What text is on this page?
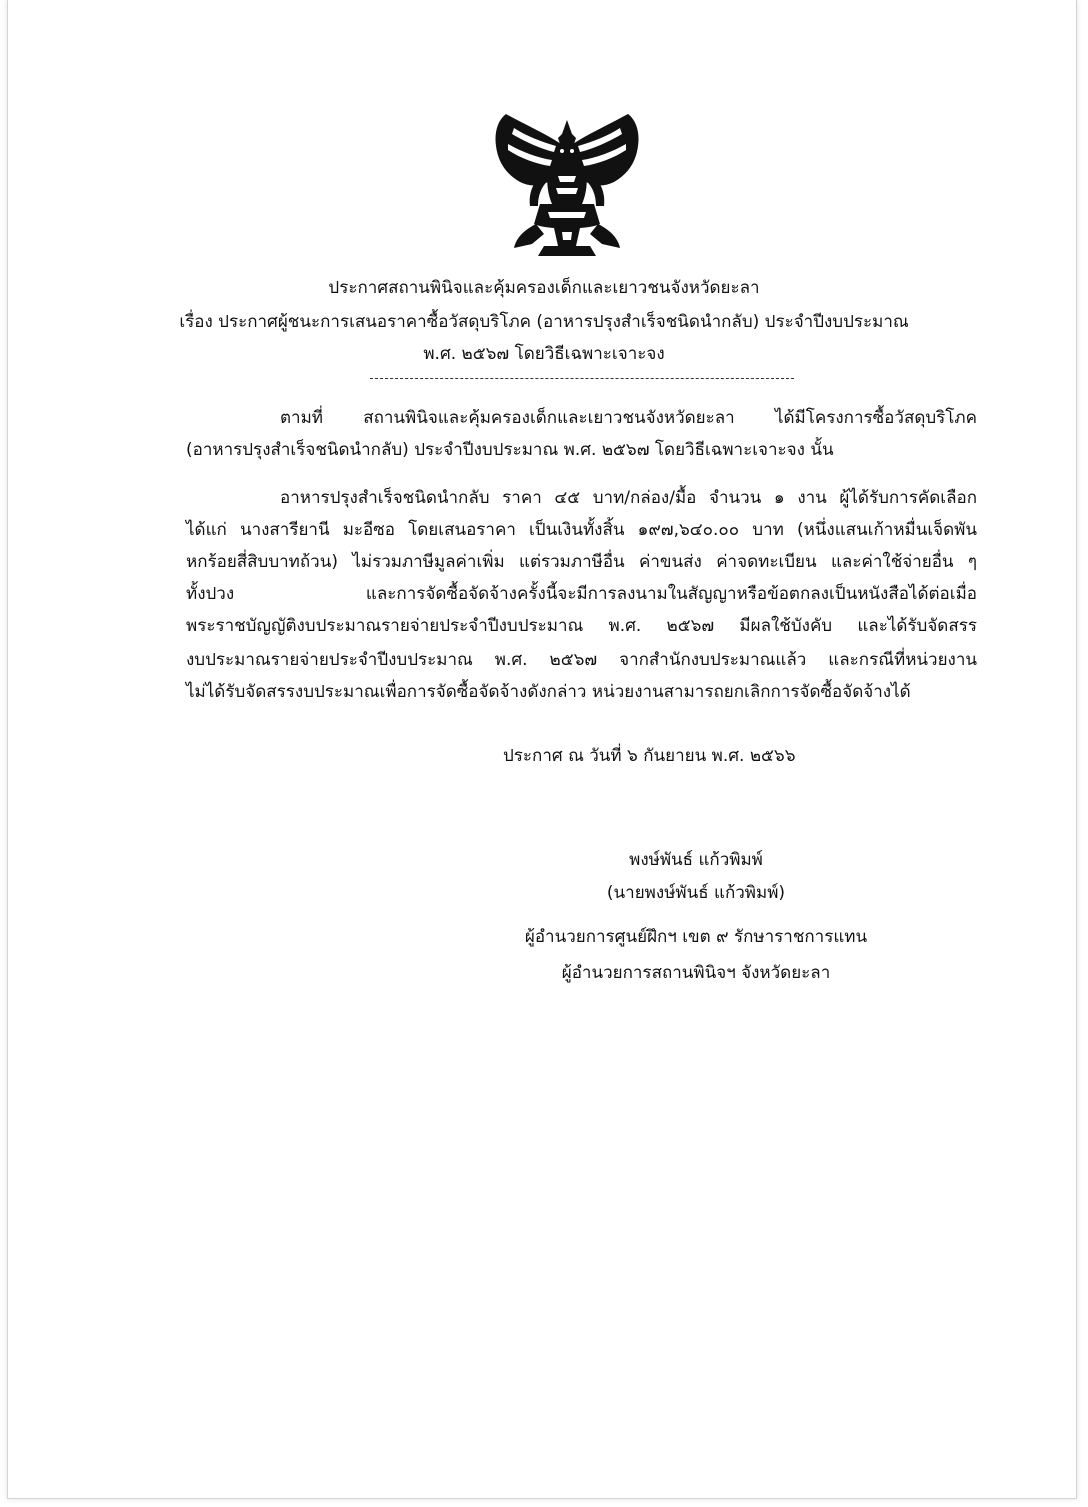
ประกาศสถานพินิจและคุ้มครองเด็กและเยาวชนจังหวัดยะลา
เรื่อง ประกาศผู้ชนะการเสนอราคาซื้อวัสดุบริโภค (อาหารปรุงสำเร็จชนิดนำกลับ) ประจำปีงบประมาณ
พ.ศ. ๒๕๖๗ โดยวิธีเฉพาะเจาะจง
ตามที่ สถานพินิจและคุ้มครองเด็กและเยาวชนจังหวัดยะลา ได้มีโครงการซื้อวัสดุบริโภค
(อาหารปรุงสำเร็จชนิดนำกลับ) ประจำปีงบประมาณ พ.ศ. ๒๕๖๗ โดยวิธีเฉพาะเจาะจง นั้น
อาหารปรุงสำเร็จชนิดนำกลับ ราคา ๔๕ บาท/กล่อง/มื้อ จำนวน ๑ งาน ผู้ได้รับการคัดเลือก
ได้แก่ นางสารียานี มะอีซอ โดยเสนอราคา เป็นเงินทั้งสิ้น ๑๙๗,๖๔๐.๐๐ บาท (หนึ่งแสนเก้าหมื่นเจ็ดพัน
หกร้อยสี่สิบบาทถ้วน) ไม่รวมภาษีมูลค่าเพิ่ม แต่รวมภาษีอื่น ค่าขนส่ง ค่าจดทะเบียน และค่าใช้จ่ายอื่น ๆ
ทั้งปวง และการจัดซื้อจัดจ้างครั้งนี้จะมีการลงนามในสัญญาหรือข้อตกลงเป็นหนังสือได้ต่อเมื่อ
พระราชบัญญัติงบประมาณรายจ่ายประจำปีงบประมาณ พ.ศ. ๒๕๖๗ มีผลใช้บังคับ และได้รับจัดสรร
งบประมาณรายจ่ายประจำปีงบประมาณ พ.ศ. ๒๕๖๗ จากสำนักงบประมาณแล้ว และกรณีที่หน่วยงาน
ไม่ได้รับจัดสรรงบประมาณเพื่อการจัดซื้อจัดจ้างดังกล่าว หน่วยงานสามารถยกเลิกการจัดซื้อจัดจ้างได้
ประกาศ ณ วันที่ ๖ กันยายน พ.ศ. ๒๕๖๖
พงษ์พันธ์ แก้วพิมพ์
(นายพงษ์พันธ์ แก้วพิมพ์)
ผู้อำนวยการศูนย์ฝึกฯ เขต ๙ รักษาราชการแทน
ผู้อำนวยการสถานพินิจฯ จังหวัดยะลา
